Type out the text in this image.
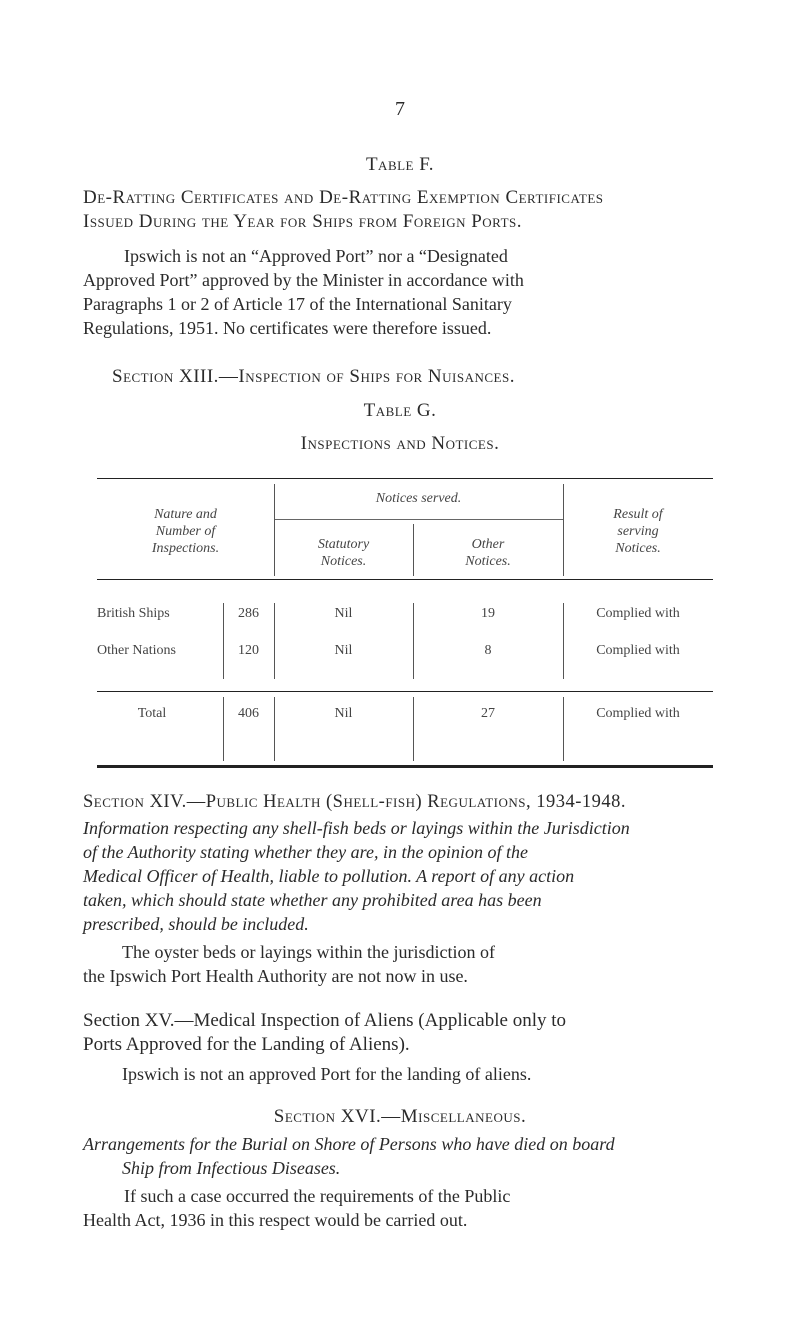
7
Table F.
De-Ratting Certificates and De-Ratting Exemption Certificates
Issued During the Year for Ships from Foreign Ports.
Ipswich is not an “Approved Port” nor a “Designated
Approved Port” approved by the Minister in accordance with
Paragraphs 1 or 2 of Article 17 of the International Sanitary
Regulations, 1951. No certificates were therefore issued.
Section XIII.—Inspection of Ships for Nuisances.
Table G.
Inspections and Notices.
Nature and
Number of
Inspections.
Notices served.
Statutory
Notices.
Other
Notices.
Result of
serving
Notices.
British Ships	286	Nil	19	Complied with
Other Nations	120	Nil	8	Complied with
Total	406	Nil	27	Complied with
Section XIV.—Public Health (Shell-fish) Regulations, 1934-1948.
Information respecting any shell-fish beds or layings within the Jurisdiction
of the Authority stating whether they are, in the opinion of the
Medical Officer of Health, liable to pollution. A report of any action
taken, which should state whether any prohibited area has been
prescribed, should be included.
The oyster beds or layings within the jurisdiction of
the Ipswich Port Health Authority are not now in use.
Section XV.—Medical Inspection of Aliens (Applicable only to
Ports Approved for the Landing of Aliens).
Ipswich is not an approved Port for the landing of aliens.
Section XVI.—Miscellaneous.
Arrangements for the Burial on Shore of Persons who have died on board
Ship from Infectious Diseases.
If such a case occurred the requirements of the Public
Health Act, 1936 in this respect would be carried out.
